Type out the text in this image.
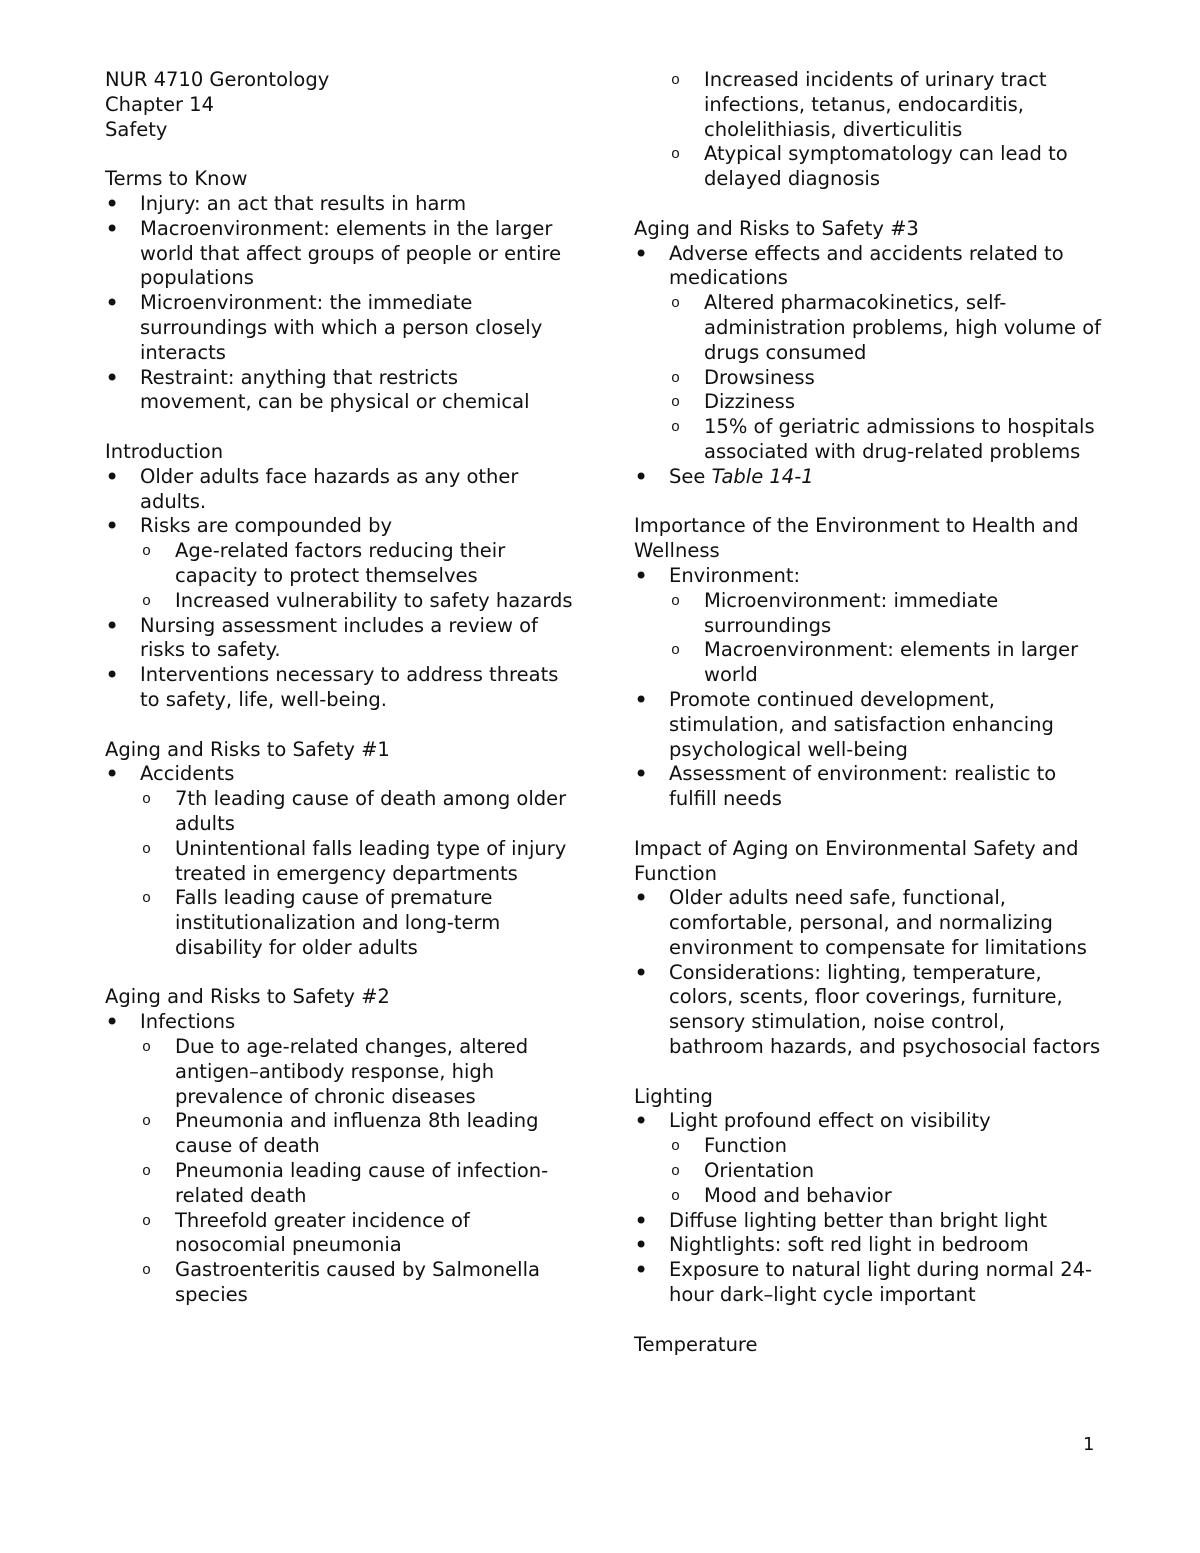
NUR 4710 Gerontology
Chapter 14
Safety
Terms to Know
• Injury: an act that results in harm
• Macroenvironment: elements in the larger world that affect groups of people or entire populations
• Microenvironment: the immediate surroundings with which a person closely interacts
• Restraint: anything that restricts movement, can be physical or chemical
Introduction
• Older adults face hazards as any other adults.
• Risks are compounded by
o Age-related factors reducing their capacity to protect themselves
o Increased vulnerability to safety hazards
• Nursing assessment includes a review of risks to safety.
• Interventions necessary to address threats to safety, life, well-being.
Aging and Risks to Safety #1
• Accidents
o 7th leading cause of death among older adults
o Unintentional falls leading type of injury treated in emergency departments
o Falls leading cause of premature institutionalization and long-term disability for older adults
Aging and Risks to Safety #2
• Infections
o Due to age-related changes, altered antigen–antibody response, high prevalence of chronic diseases
o Pneumonia and influenza 8th leading cause of death
o Pneumonia leading cause of infection-related death
o Threefold greater incidence of nosocomial pneumonia
o Gastroenteritis caused by Salmonella species
o Increased incidents of urinary tract infections, tetanus, endocarditis, cholelithiasis, diverticulitis
o Atypical symptomatology can lead to delayed diagnosis
Aging and Risks to Safety #3
• Adverse effects and accidents related to medications
o Altered pharmacokinetics, self-administration problems, high volume of drugs consumed
o Drowsiness
o Dizziness
o 15% of geriatric admissions to hospitals associated with drug-related problems
• See Table 14-1
Importance of the Environment to Health and Wellness
• Environment:
o Microenvironment: immediate surroundings
o Macroenvironment: elements in larger world
• Promote continued development, stimulation, and satisfaction enhancing psychological well-being
• Assessment of environment: realistic to fulfill needs
Impact of Aging on Environmental Safety and Function
• Older adults need safe, functional, comfortable, personal, and normalizing environment to compensate for limitations
• Considerations: lighting, temperature, colors, scents, floor coverings, furniture, sensory stimulation, noise control, bathroom hazards, and psychosocial factors
Lighting
• Light profound effect on visibility
o Function
o Orientation
o Mood and behavior
• Diffuse lighting better than bright light
• Nightlights: soft red light in bedroom
• Exposure to natural light during normal 24-hour dark–light cycle important
Temperature
1
